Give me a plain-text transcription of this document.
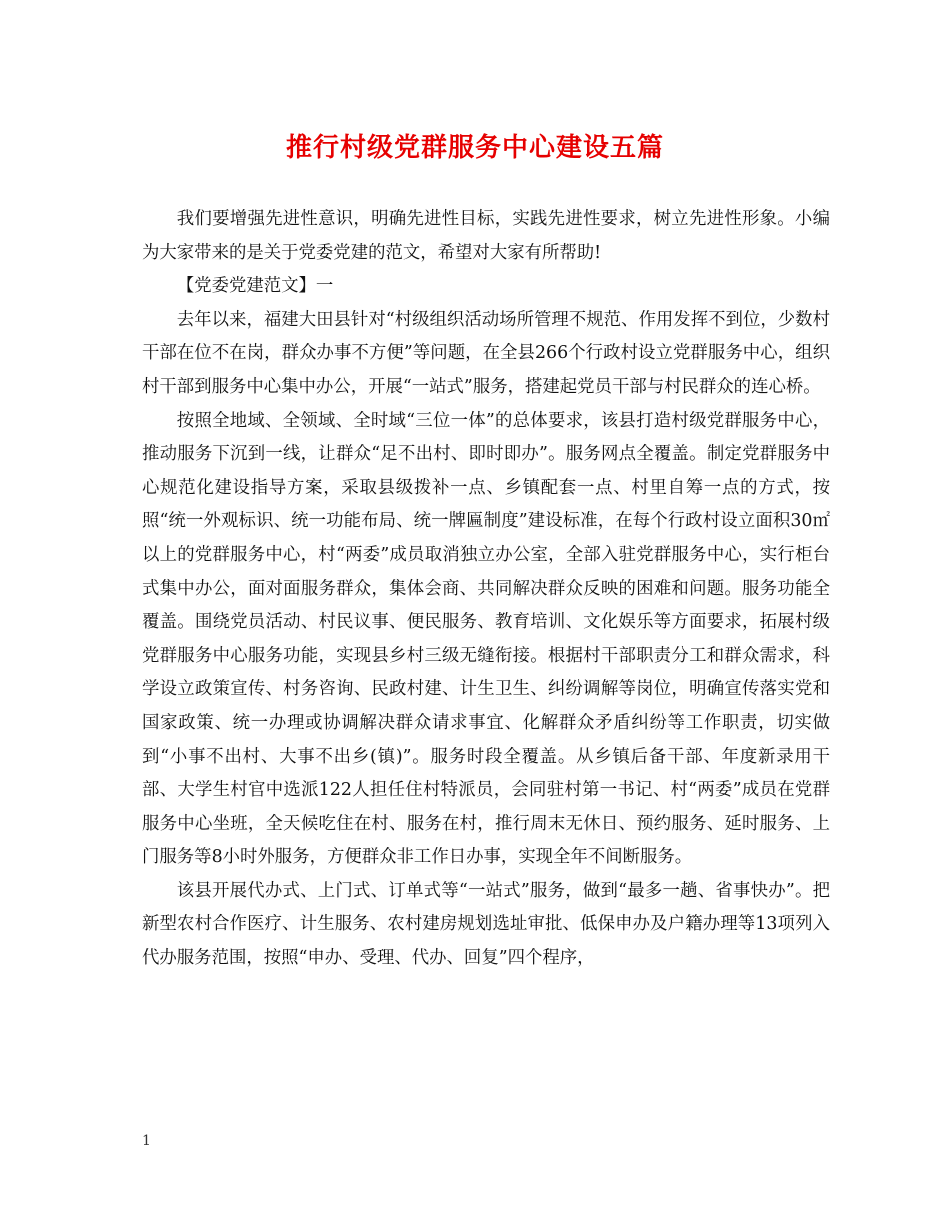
推行村级党群服务中心建设五篇

我们要增强先进性意识，明确先进性目标，实践先进性要求，树立先进性形象。小编为大家带来的是关于党委党建的范文，希望对大家有所帮助!

【党委党建范文】一

去年以来，福建大田县针对“村级组织活动场所管理不规范、作用发挥不到位，少数村干部在位不在岗，群众办事不方便”等问题，在全县266个行政村设立党群服务中心，组织村干部到服务中心集中办公，开展“一站式”服务，搭建起党员干部与村民群众的连心桥。

按照全地域、全领域、全时域“三位一体”的总体要求，该县打造村级党群服务中心，推动服务下沉到一线，让群众“足不出村、即时即办”。服务网点全覆盖。制定党群服务中心规范化建设指导方案，采取县级拨补一点、乡镇配套一点、村里自筹一点的方式，按照“统一外观标识、统一功能布局、统一牌匾制度”建设标准，在每个行政村设立面积30㎡以上的党群服务中心，村“两委”成员取消独立办公室，全部入驻党群服务中心，实行柜台式集中办公，面对面服务群众，集体会商、共同解决群众反映的困难和问题。服务功能全覆盖。围绕党员活动、村民议事、便民服务、教育培训、文化娱乐等方面要求，拓展村级党群服务中心服务功能，实现县乡村三级无缝衔接。根据村干部职责分工和群众需求，科学设立政策宣传、村务咨询、民政村建、计生卫生、纠纷调解等岗位，明确宣传落实党和国家政策、统一办理或协调解决群众请求事宜、化解群众矛盾纠纷等工作职责，切实做到“小事不出村、大事不出乡(镇)”。服务时段全覆盖。从乡镇后备干部、年度新录用干部、大学生村官中选派122人担任住村特派员，会同驻村第一书记、村“两委”成员在党群服务中心坐班，全天候吃住在村、服务在村，推行周末无休日、预约服务、延时服务、上门服务等8小时外服务，方便群众非工作日办事，实现全年不间断服务。

该县开展代办式、上门式、订单式等“一站式”服务，做到“最多一趟、省事快办”。把新型农村合作医疗、计生服务、农村建房规划选址审批、低保申办及户籍办理等13项列入代办服务范围，按照“申办、受理、代办、回复”四个程序，

1
